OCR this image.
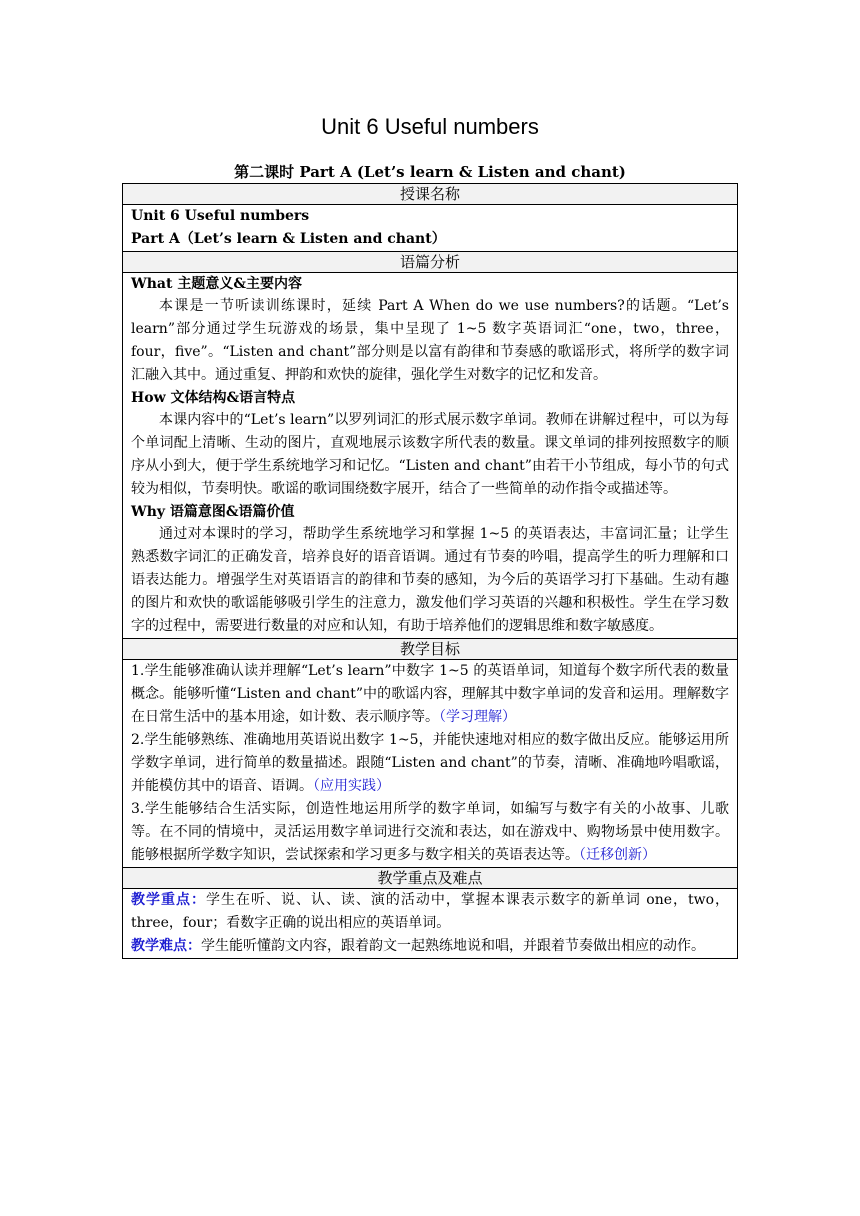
Unit 6 Useful numbers

第二课时 Part A (Let’s learn & Listen and chant)

授课名称

Unit 6 Useful numbers

Part A（Let’s learn & Listen and chant）

语篇分析

What 主题意义&主要内容

本课是一节听读训练课时，延续 Part A When do we use numbers?的话题。“Let’s learn”部分通过学生玩游戏的场景，集中呈现了 1~5 数字英语词汇“one，two，three，four，five”。“Listen and chant”部分则是以富有韵律和节奏感的歌谣形式，将所学的数字词汇融入其中。通过重复、押韵和欢快的旋律，强化学生对数字的记忆和发音。

How 文体结构&语言特点

本课内容中的“Let’s learn”以罗列词汇的形式展示数字单词。教师在讲解过程中，可以为每个单词配上清晰、生动的图片，直观地展示该数字所代表的数量。课文单词的排列按照数字的顺序从小到大，便于学生系统地学习和记忆。“Listen and chant”由若干小节组成，每小节的句式较为相似，节奏明快。歌谣的歌词围绕数字展开，结合了一些简单的动作指令或描述等。

Why 语篇意图&语篇价值

通过对本课时的学习，帮助学生系统地学习和掌握 1~5 的英语表达，丰富词汇量；让学生熟悉数字词汇的正确发音，培养良好的语音语调。通过有节奏的吟唱，提高学生的听力理解和口语表达能力。增强学生对英语语言的韵律和节奏的感知，为今后的英语学习打下基础。生动有趣的图片和欢快的歌谣能够吸引学生的注意力，激发他们学习英语的兴趣和积极性。学生在学习数字的过程中，需要进行数量的对应和认知，有助于培养他们的逻辑思维和数字敏感度。

教学目标

1.学生能够准确认读并理解“Let’s learn”中数字 1~5 的英语单词，知道每个数字所代表的数量概念。能够听懂“Listen and chant”中的歌谣内容，理解其中数字单词的发音和运用。理解数字在日常生活中的基本用途，如计数、表示顺序等。（学习理解）

2.学生能够熟练、准确地用英语说出数字 1~5，并能快速地对相应的数字做出反应。能够运用所学数字单词，进行简单的数量描述。跟随“Listen and chant”的节奏，清晰、准确地吟唱歌谣，并能模仿其中的语音、语调。（应用实践）

3.学生能够结合生活实际，创造性地运用所学的数字单词，如编写与数字有关的小故事、儿歌等。在不同的情境中，灵活运用数字单词进行交流和表达，如在游戏中、购物场景中使用数字。能够根据所学数字知识，尝试探索和学习更多与数字相关的英语表达等。（迁移创新）

教学重点及难点

教学重点：学生在听、说、认、读、演的活动中，掌握本课表示数字的新单词 one，two，three，four；看数字正确的说出相应的英语单词。

教学难点：学生能听懂韵文内容，跟着韵文一起熟练地说和唱，并跟着节奏做出相应的动作。
